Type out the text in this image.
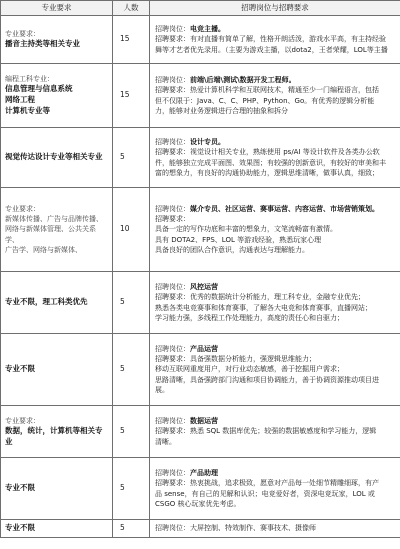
专业要求	人数	招聘岗位与招聘要求

专业要求：
播音主持类等相关专业	15	招聘岗位：电竞主播。
招聘要求：有对直播有简单了解，性格开朗活泼，游戏水平高，有主持经验
舞等才艺者优先录用。（主要为游戏主播，以dota2，王者荣耀，LOL等主播

编程工科专业：
信息管理与信息系统
网络工程
计算机专业等	15	招聘岗位：前端\后端\测试\数据开发工程师。
招聘要求：热爱计算机科学和互联网技术，精通至少一门编程语言，包括
但不仅限于：Java、C、C、PHP、Python、Go。有优秀的逻辑分析能
力，能够对业务逻辑进行合理的抽象和拆分

视觉传达设计专业等相关专业	5	招聘岗位：设计专员。
招聘要求：视觉设计相关专业，熟练使用 ps/AI 等设计软件及各类办公软
件，能够独立完成平面图、效果图；有较强的创新意识，有较好的审美和丰
富的想象力，有良好的沟通协助能力，逻辑思维清晰，做事认真，细致；

专业要求：
新媒体传播、广告与品牌传播、
网络与新媒体管理、公共关系学、
广告学、网络与新媒体、	10	招聘岗位：媒介专员、社区运营、赛事运营、内容运营、市场营销策划。
招聘要求：
具备一定的写作功底和丰富的想象力，文笔流畅富有激情。
具有 DOTA2、FPS、LOL 等游戏经验，熟悉玩家心理
具备良好的团队合作意识，沟通表达与理解能力。

专业不限，理工科类优先	5	招聘岗位：风控运营
招聘要求：优秀的数据统计分析能力，理工科专业，金融专业优先；
熟悉各类电竞赛事和体育赛事，了解各大电竞和体育赛事，直播网站；
学习能力强，多线程工作处理能力，高度的责任心和自驱力；

专业不限	5	招聘岗位：产品运营
招聘要求：具备强数据分析能力，强逻辑思维能力；
移动互联网重度用户，对行业动态敏感，善于挖掘用户需求；
思路清晰，具备强跨部门沟通和项目协调能力，善于协调资源推动项目进
展。

专业要求：
数据，统计，计算机等相关专业	5	招聘岗位：数据运营
招聘要求：熟悉 SQL 数据库优先；较强的数据敏感度和学习能力，逻辑
清晰。

专业不限	5	招聘岗位：产品助理
招聘要求：热衷挑战，追求极致，愿意对产品每一处细节精雕细琢，有产
品 sense，有自己的见解和认识；电竞爱好者，资深电竞玩家，LOL 或
CSGO 核心玩家优先考虑。

专业不限	5	招聘岗位：大屏控制、特效制作、赛事技术、摄像师
